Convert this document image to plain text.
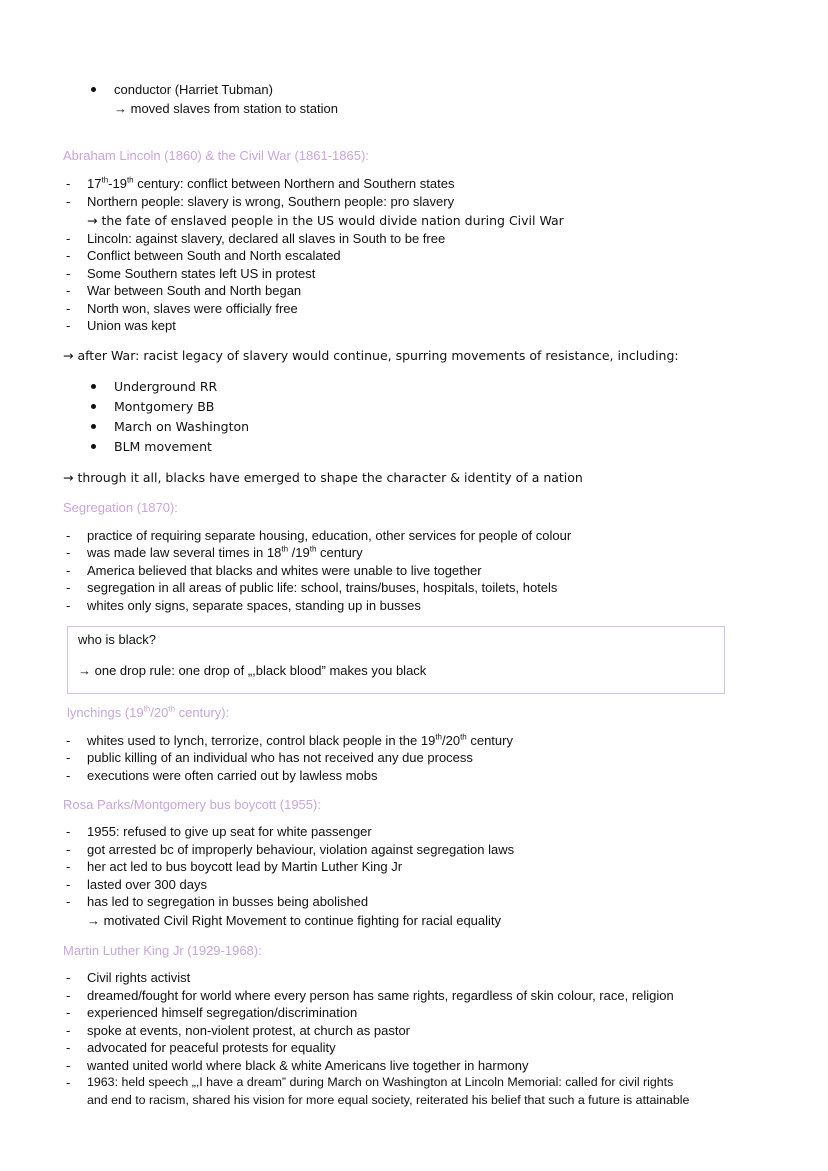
conductor (Harriet Tubman)
→ moved slaves from station to station
Abraham Lincoln (1860) & the Civil War (1861-1865):
- 17th-19th century: conflict between Northern and Southern states
- Northern people: slavery is wrong, Southern people: pro slavery
→ the fate of enslaved people in the US would divide nation during Civil War
- Lincoln: against slavery, declared all slaves in South to be free
- Conflict between South and North escalated
- Some Southern states left US in protest
- War between South and North began
- North won, slaves were officially free
- Union was kept
→ after War: racist legacy of slavery would continue, spurring movements of resistance, including:
Underground RR
Montgomery BB
March on Washington
BLM movement
→ through it all, blacks have emerged to shape the character & identity of a nation
Segregation (1870):
- practice of requiring separate housing, education, other services for people of colour
- was made law several times in 18th /19th century
- America believed that blacks and whites were unable to live together
- segregation in all areas of public life: school, trains/buses, hospitals, toilets, hotels
- whites only signs, separate spaces, standing up in busses
who is black?
→ one drop rule: one drop of „,black blood” makes you black
lynchings (19th/20th century):
- whites used to lynch, terrorize, control black people in the 19th/20th century
- public killing of an individual who has not received any due process
- executions were often carried out by lawless mobs
Rosa Parks/Montgomery bus boycott (1955):
- 1955: refused to give up seat for white passenger
- got arrested bc of improperly behaviour, violation against segregation laws
- her act led to bus boycott lead by Martin Luther King Jr
- lasted over 300 days
- has led to segregation in busses being abolished
→ motivated Civil Right Movement to continue fighting for racial equality
Martin Luther King Jr (1929-1968):
- Civil rights activist
- dreamed/fought for world where every person has same rights, regardless of skin colour, race, religion
- experienced himself segregation/discrimination
- spoke at events, non-violent protest, at church as pastor
- advocated for peaceful protests for equality
- wanted united world where black & white Americans live together in harmony
- 1963: held speech „,I have a dream” during March on Washington at Lincoln Memorial: called for civil rights
and end to racism, shared his vision for more equal society, reiterated his belief that such a future is attainable
